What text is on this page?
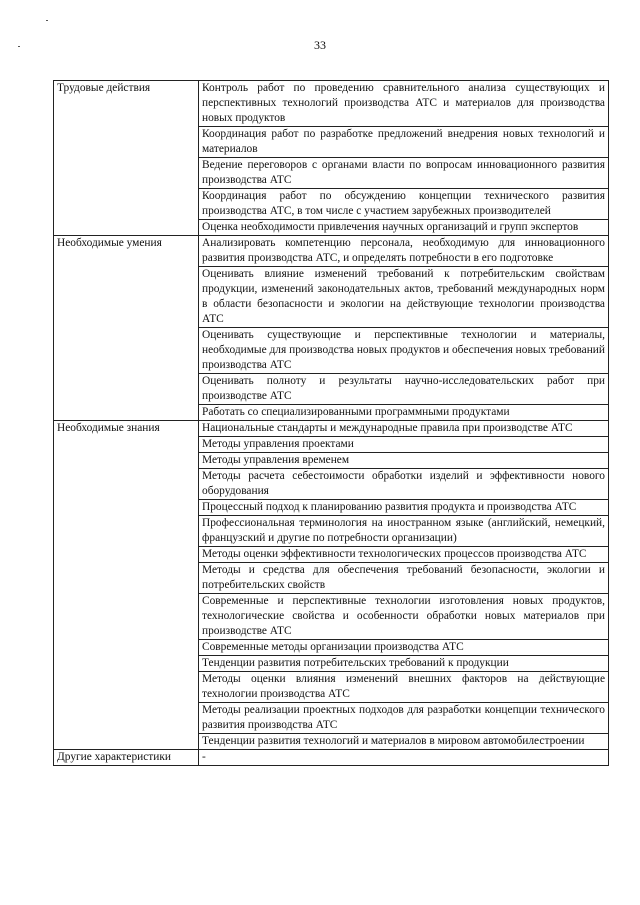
33
Трудовые действия	Контроль работ по проведению сравнительного анализа существующих и перспективных технологий производства АТС и материалов для производства новых продуктов
	Координация работ по разработке предложений внедрения новых технологий и материалов
	Ведение переговоров с органами власти по вопросам инновационного развития производства АТС
	Координация работ по обсуждению концепции технического развития производства АТС, в том числе с участием зарубежных производителей
	Оценка необходимости привлечения научных организаций и групп экспертов
Необходимые умения	Анализировать компетенцию персонала, необходимую для инновационного развития производства АТС, и определять потребности в его подготовке
	Оценивать влияние изменений требований к потребительским свойствам продукции, изменений законодательных актов, требований международных норм в области безопасности и экологии на действующие технологии производства АТС
	Оценивать существующие и перспективные технологии и материалы, необходимые для производства новых продуктов и обеспечения новых требований производства АТС
	Оценивать полноту и результаты научно-исследовательских работ при производстве АТС
	Работать со специализированными программными продуктами
Необходимые знания	Национальные стандарты и международные правила при производстве АТС
	Методы управления проектами
	Методы управления временем
	Методы расчета себестоимости обработки изделий и эффективности нового оборудования
	Процессный подход к планированию развития продукта и производства АТС
	Профессиональная терминология на иностранном языке (английский, немецкий, французский и другие по потребности организации)
	Методы оценки эффективности технологических процессов производства АТС
	Методы и средства для обеспечения требований безопасности, экологии и потребительских свойств
	Современные и перспективные технологии изготовления новых продуктов, технологические свойства и особенности обработки новых материалов при производстве АТС
	Современные методы организации производства АТС
	Тенденции развития потребительских требований к продукции
	Методы оценки влияния изменений внешних факторов на действующие технологии производства АТС
	Методы реализации проектных подходов для разработки концепции технического развития производства АТС
	Тенденции развития технологий и материалов в мировом автомобилестроении
Другие характеристики	-
